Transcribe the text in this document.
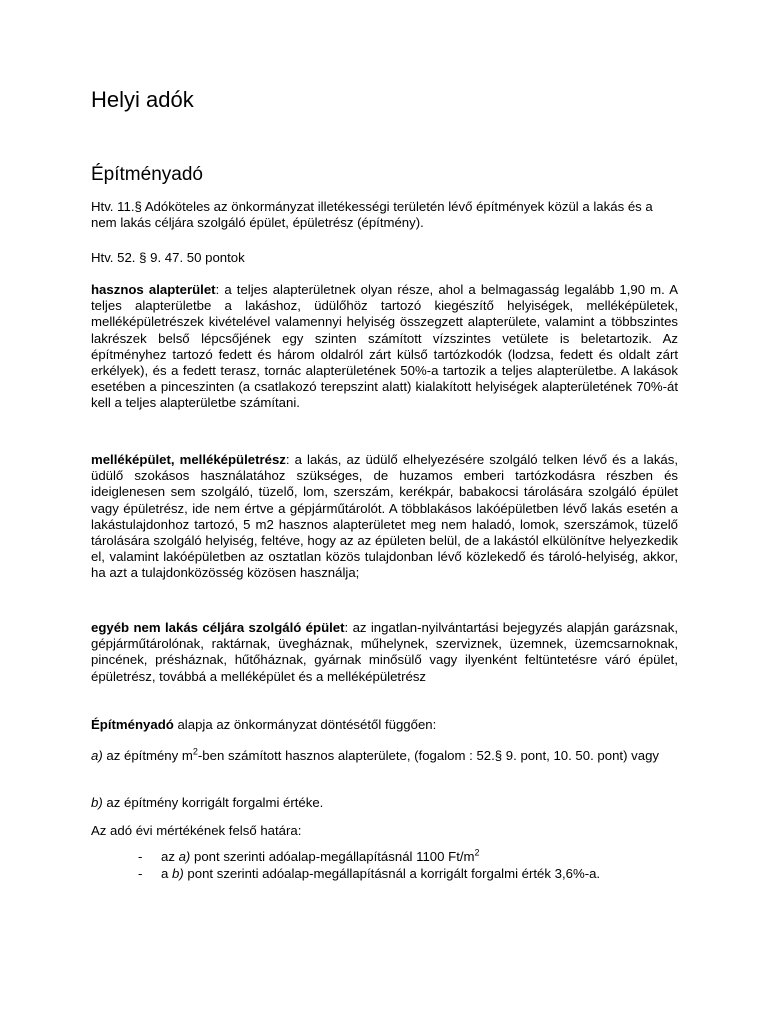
Helyi adók
Építményadó

Htv. 11.§ Adóköteles az önkormányzat illetékességi területén lévő építmények közül a lakás és a nem lakás céljára szolgáló épület, épületrész (építmény).

Htv. 52. § 9. 47. 50 pontok

hasznos alapterület: a teljes alapterületnek olyan része, ahol a belmagasság legalább 1,90 m. A teljes alapterületbe a lakáshoz, üdülőhöz tartozó kiegészítő helyiségek, melléképületek, melléképületrészek kivételével valamennyi helyiség összegzett alapterülete, valamint a többszintes lakrészek belső lépcsőjének egy szinten számított vízszintes vetülete is beletartozik. Az építményhez tartozó fedett és három oldalról zárt külső tartózkodók (lodzsa, fedett és oldalt zárt erkélyek), és a fedett terasz, tornác alapterületének 50%-a tartozik a teljes alapterületbe. A lakások esetében a pinceszinten (a csatlakozó terepszint alatt) kialakított helyiségek alapterületének 70%-át kell a teljes alapterületbe számítani.

melléképület, melléképületrész: a lakás, az üdülő elhelyezésére szolgáló telken lévő és a lakás, üdülő szokásos használatához szükséges, de huzamos emberi tartózkodásra részben és ideiglenesen sem szolgáló, tüzelő, lom, szerszám, kerékpár, babakocsi tárolására szolgáló épület vagy épületrész, ide nem értve a gépjárműtárolót. A többlakásos lakóépületben lévő lakás esetén a lakástulajdonhoz tartozó, 5 m2 hasznos alapterületet meg nem haladó, lomok, szerszámok, tüzelő tárolására szolgáló helyiség, feltéve, hogy az az épületen belül, de a lakástól elkülönítve helyezkedik el, valamint lakóépületben az osztatlan közös tulajdonban lévő közlekedő és tároló-helyiség, akkor, ha azt a tulajdonközösség közösen használja;

egyéb nem lakás céljára szolgáló épület: az ingatlan-nyilvántartási bejegyzés alapján garázsnak, gépjárműtárolónak, raktárnak, üvegháznak, műhelynek, szerviznek, üzemnek, üzemcsarnoknak, pincének, présháznak, hűtőháznak, gyárnak minősülő vagy ilyenként feltüntetésre váró épület, épületrész, továbbá a melléképület és a melléképületrész

Építményadó alapja az önkormányzat döntésétől függően:

a) az építmény $m^2$-ben számított hasznos alapterülete, (fogalom : 52.§ 9. pont, 10. 50. pont) vagy

b) az építmény korrigált forgalmi értéke.

Az adó évi mértékének felső határa:

- az a) pont szerinti adóalap-megállapításnál 1100 $Ft/m^2$
- a b) pont szerinti adóalap-megállapításnál a korrigált forgalmi érték 3,6%-a.
